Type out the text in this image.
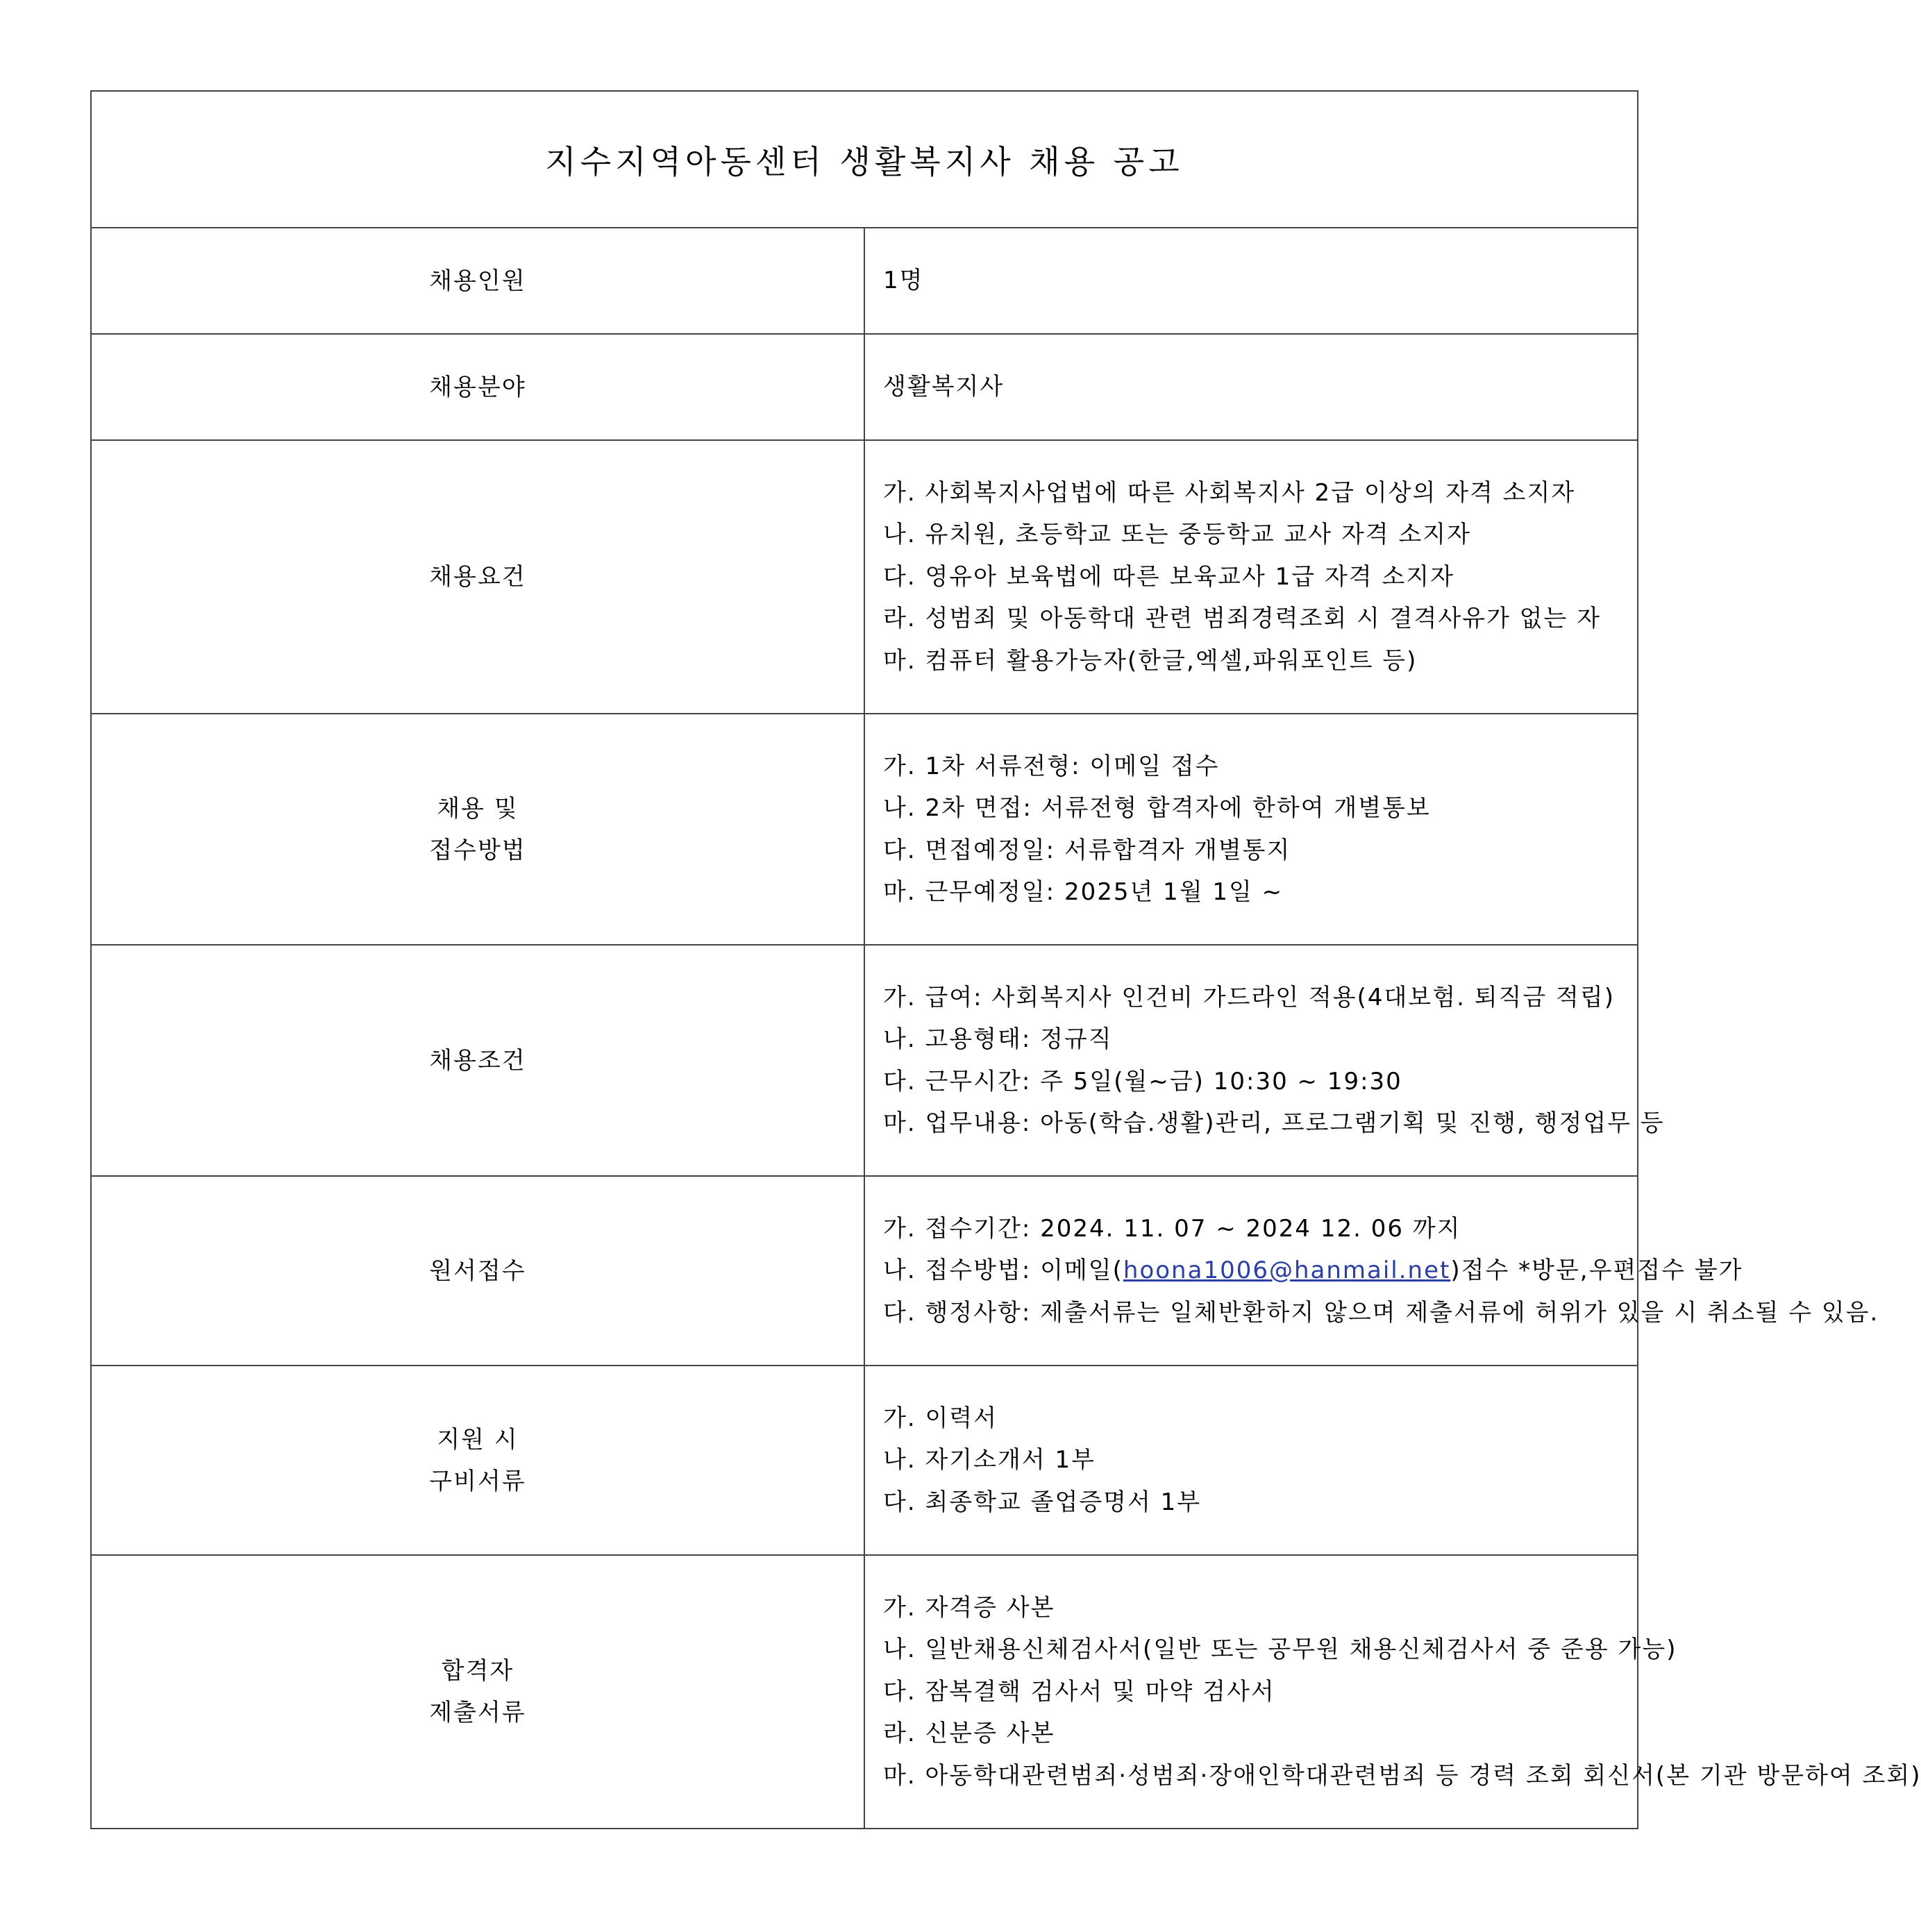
지수지역아동센터 생활복지사 채용 공고	

채용인원	1명

채용분야	생활복지사

채용요건	가. 사회복지사업법에 따른 사회복지사 2급 이상의 자격 소지자
나. 유치원, 초등학교 또는 중등학교 교사 자격 소지자
다. 영유아 보육법에 따른 보육교사 1급 자격 소지자
라. 성범죄 및 아동학대 관련 범죄경력조회 시 결격사유가 없는 자
마. 컴퓨터 활용가능자(한글,엑셀,파워포인트 등)

채용 및
접수방법	가. 1차 서류전형: 이메일 접수
나. 2차 면접: 서류전형 합격자에 한하여 개별통보
다. 면접예정일: 서류합격자 개별통지
마. 근무예정일: 2025년 1월 1일 ~

채용조건	가. 급여: 사회복지사 인건비 가드라인 적용(4대보험. 퇴직금 적립)
나. 고용형태: 정규직
다. 근무시간: 주 5일(월~금) 10:30 ~ 19:30
마. 업무내용: 아동(학습.생활)관리, 프로그램기획 및 진행, 행정업무 등

원서접수	가. 접수기간: 2024. 11. 07 ~ 2024 12. 06 까지
나. 접수방법: 이메일(hoona1006@hanmail.net)접수 *방문,우편접수 불가
다. 행정사항: 제출서류는 일체반환하지 않으며 제출서류에 허위가 있을 시 취소될 수 있음.

지원 시
구비서류	가. 이력서
나. 자기소개서 1부
다. 최종학교 졸업증명서 1부

합격자
제출서류	가. 자격증 사본
나. 일반채용신체검사서(일반 또는 공무원 채용신체검사서 중 준용 가능)
다. 잠복결핵 검사서 및 마약 검사서
라. 신분증 사본
마. 아동학대관련범죄·성범죄·장애인학대관련범죄 등 경력 조회 회신서(본 기관 방문하여 조회)
